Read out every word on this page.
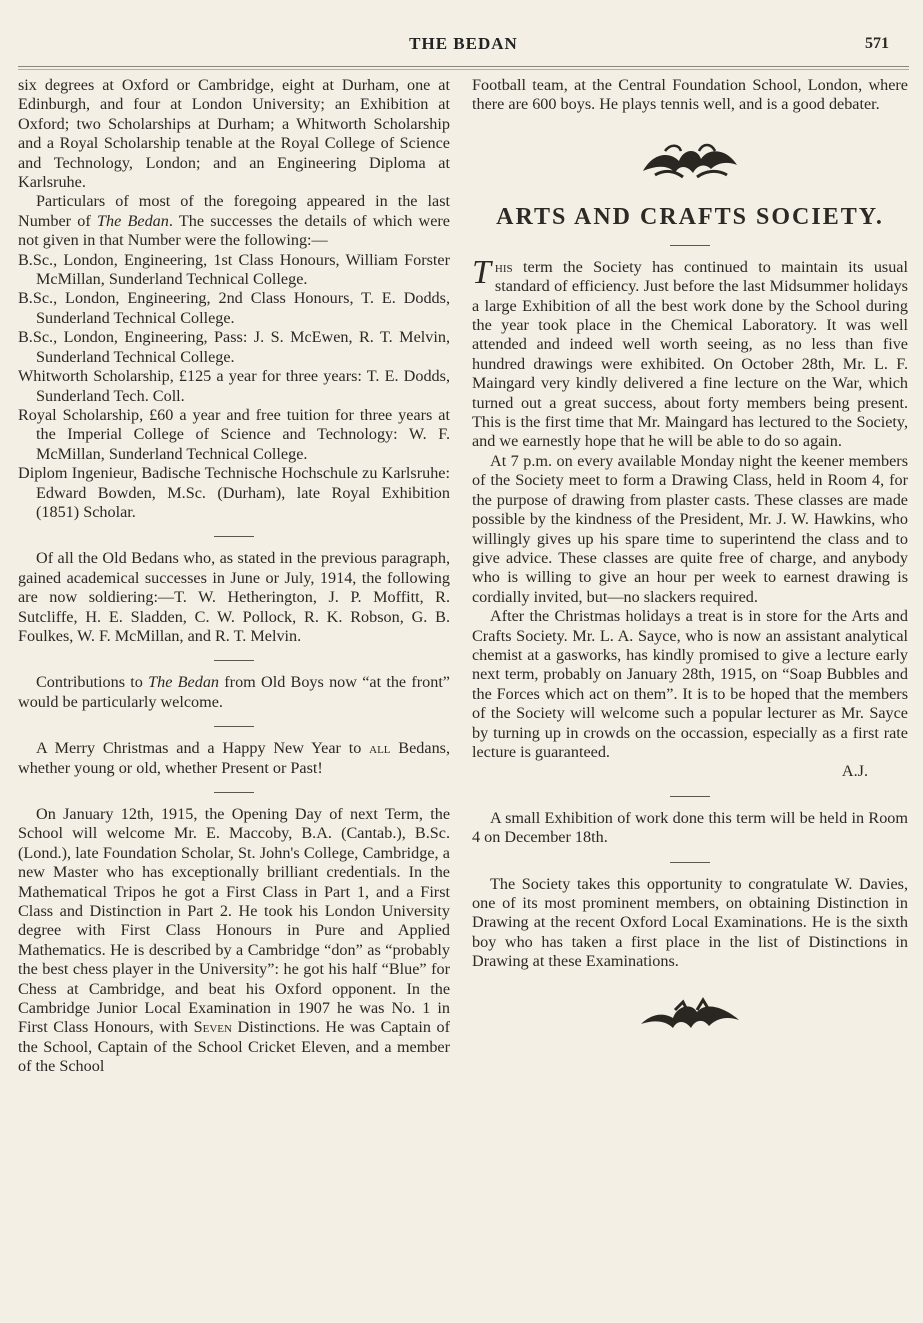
THE BEDAN	571

six degrees at Oxford or Cambridge, eight at Durham, one at Edinburgh, and four at London University; an Exhibition at Oxford; two Scholarships at Durham; a Whitworth Scholarship and a Royal Scholarship tenable at the Royal College of Science and Technology, London; and an Engineering Diploma at Karlsruhe.

Particulars of most of the foregoing appeared in the last Number of The Bedan. The successes the details of which were not given in that Number were the following:—

B.Sc., London, Engineering, 1st Class Honours, William Forster McMillan, Sunderland Technical College.

B.Sc., London, Engineering, 2nd Class Honours, T. E. Dodds, Sunderland Technical College.

B.Sc., London, Engineering, Pass: J. S. McEwen, R. T. Melvin, Sunderland Technical College.

Whitworth Scholarship, £125 a year for three years: T. E. Dodds, Sunderland Tech. Coll.

Royal Scholarship, £60 a year and free tuition for three years at the Imperial College of Science and Technology: W. F. McMillan, Sunderland Technical College.

Diplom Ingenieur, Badische Technische Hochschule zu Karlsruhe: Edward Bowden, M.Sc. (Durham), late Royal Exhibition (1851) Scholar.

Of all the Old Bedans who, as stated in the previous paragraph, gained academical successes in June or July, 1914, the following are now soldiering:—T. W. Hetherington, J. P. Moffitt, R. Sutcliffe, H. E. Sladden, C. W. Pollock, R. K. Robson, G. B. Foulkes, W. F. McMillan, and R. T. Melvin.

Contributions to The Bedan from Old Boys now “at the front” would be particularly welcome.

A Merry Christmas and a Happy New Year to all Bedans, whether young or old, whether Present or Past!

On January 12th, 1915, the Opening Day of next Term, the School will welcome Mr. E. Maccoby, B.A. (Cantab.), B.Sc. (Lond.), late Foundation Scholar, St. John's College, Cambridge, a new Master who has exceptionally brilliant credentials. In the Mathematical Tripos he got a First Class in Part 1, and a First Class and Distinction in Part 2. He took his London University degree with First Class Honours in Pure and Applied Mathematics. He is described by a Cambridge “don” as “probably the best chess player in the University”: he got his half “Blue” for Chess at Cambridge, and beat his Oxford opponent. In the Cambridge Junior Local Examination in 1907 he was No. 1 in First Class Honours, with Seven Distinctions. He was Captain of the School, Captain of the School Cricket Eleven, and a member of the School

Football team, at the Central Foundation School, London, where there are 600 boys. He plays tennis well, and is a good debater.

ARTS AND CRAFTS SOCIETY.

This term the Society has continued to maintain its usual standard of efficiency. Just before the last Midsummer holidays a large Exhibition of all the best work done by the School during the year took place in the Chemical Laboratory. It was well attended and indeed well worth seeing, as no less than five hundred drawings were exhibited. On October 28th, Mr. L. F. Maingard very kindly delivered a fine lecture on the War, which turned out a great success, about forty members being present. This is the first time that Mr. Maingard has lectured to the Society, and we earnestly hope that he will be able to do so again.

At 7 p.m. on every available Monday night the keener members of the Society meet to form a Drawing Class, held in Room 4, for the purpose of drawing from plaster casts. These classes are made possible by the kindness of the President, Mr. J. W. Hawkins, who willingly gives up his spare time to superintend the class and to give advice. These classes are quite free of charge, and anybody who is willing to give an hour per week to earnest drawing is cordially invited, but—no slackers required.

After the Christmas holidays a treat is in store for the Arts and Crafts Society. Mr. L. A. Sayce, who is now an assistant analytical chemist at a gasworks, has kindly promised to give a lecture early next term, probably on January 28th, 1915, on “Soap Bubbles and the Forces which act on them”. It is to be hoped that the members of the Society will welcome such a popular lecturer as Mr. Sayce by turning up in crowds on the occassion, especially as a first rate lecture is guaranteed.

A.J.

A small Exhibition of work done this term will be held in Room 4 on December 18th.

The Society takes this opportunity to congratulate W. Davies, one of its most prominent members, on obtaining Distinction in Drawing at the recent Oxford Local Examinations. He is the sixth boy who has taken a first place in the list of Distinctions in Drawing at these Examinations.
